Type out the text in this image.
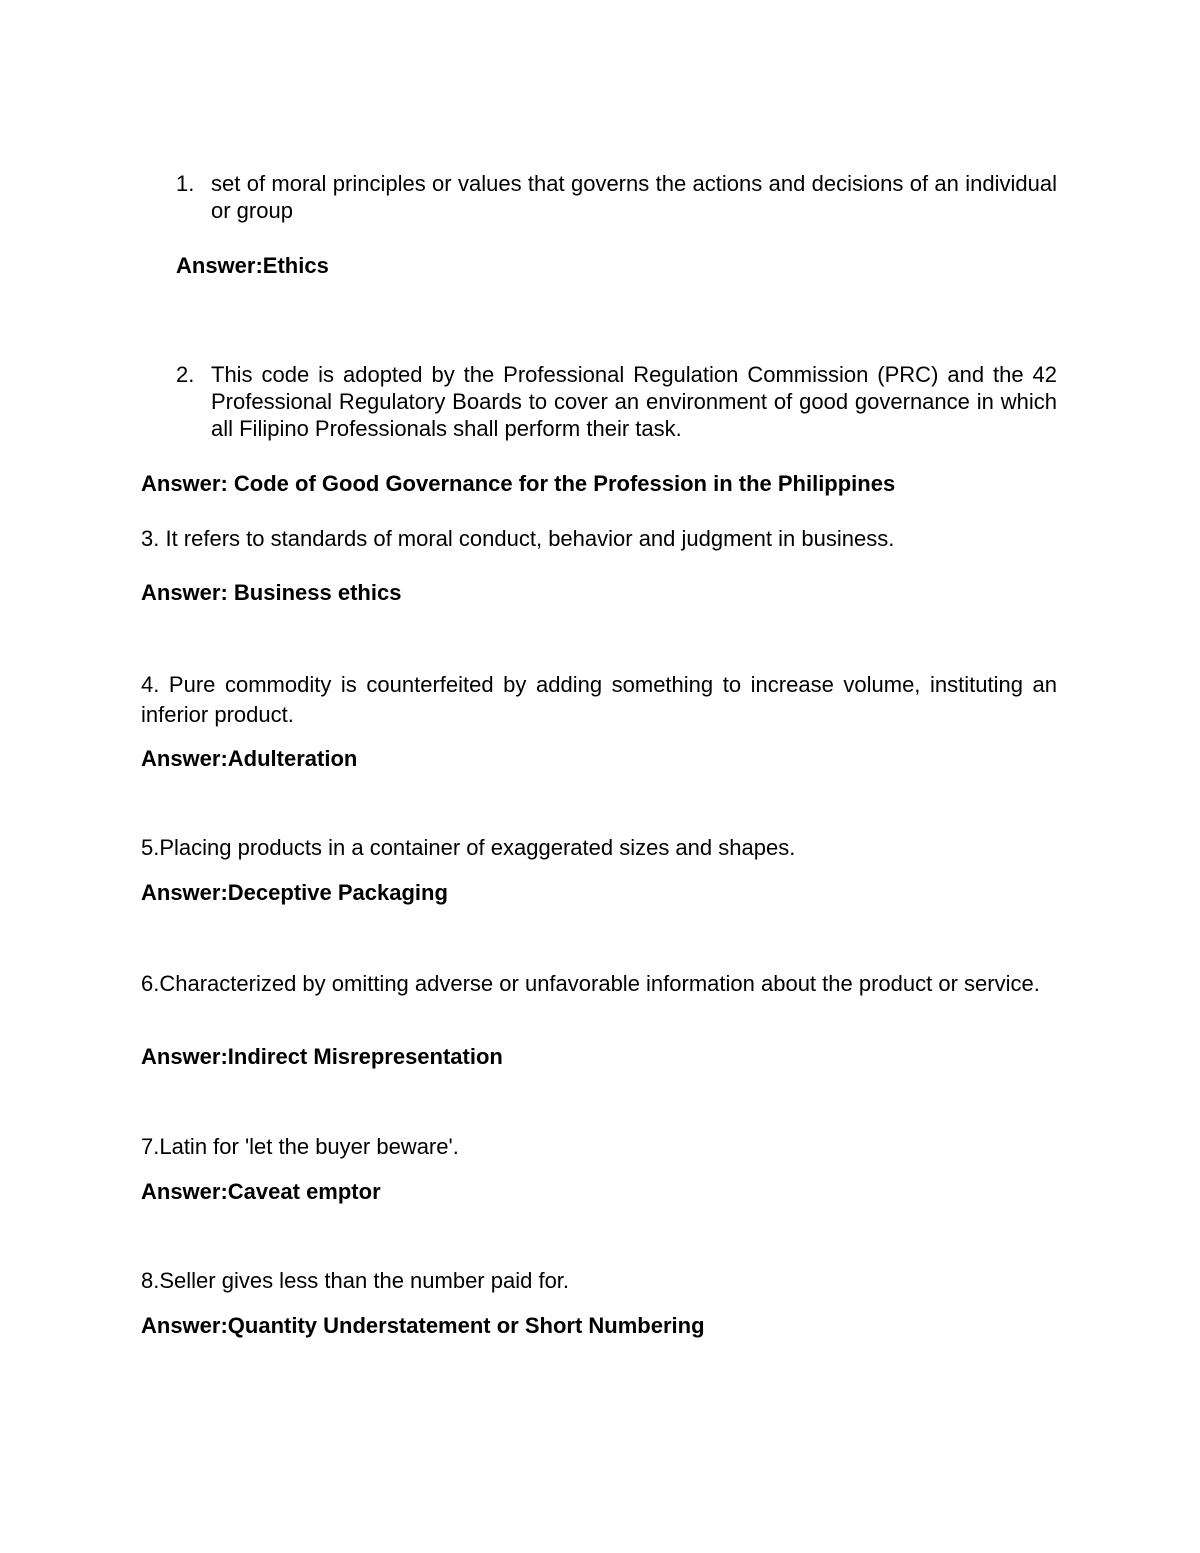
1. set of moral principles or values that governs the actions and decisions of an individual or group

Answer:Ethics
2. This code is adopted by the Professional Regulation Commission (PRC) and the 42 Professional Regulatory Boards to cover an environment of good governance in which all Filipino Professionals shall perform their task.

Answer: Code of Good Governance for the Profession in the Philippines

3. It refers to standards of moral conduct, behavior and judgment in business.

Answer: Business ethics

4. Pure commodity is counterfeited by adding something to increase volume, instituting an inferior product.

Answer:Adulteration

5.Placing products in a container of exaggerated sizes and shapes.

Answer:Deceptive Packaging

6.Characterized by omitting adverse or unfavorable information about the product or service.

Answer:Indirect Misrepresentation

7.Latin for 'let the buyer beware'.

Answer:Caveat emptor

8.Seller gives less than the number paid for.

Answer:Quantity Understatement or Short Numbering
